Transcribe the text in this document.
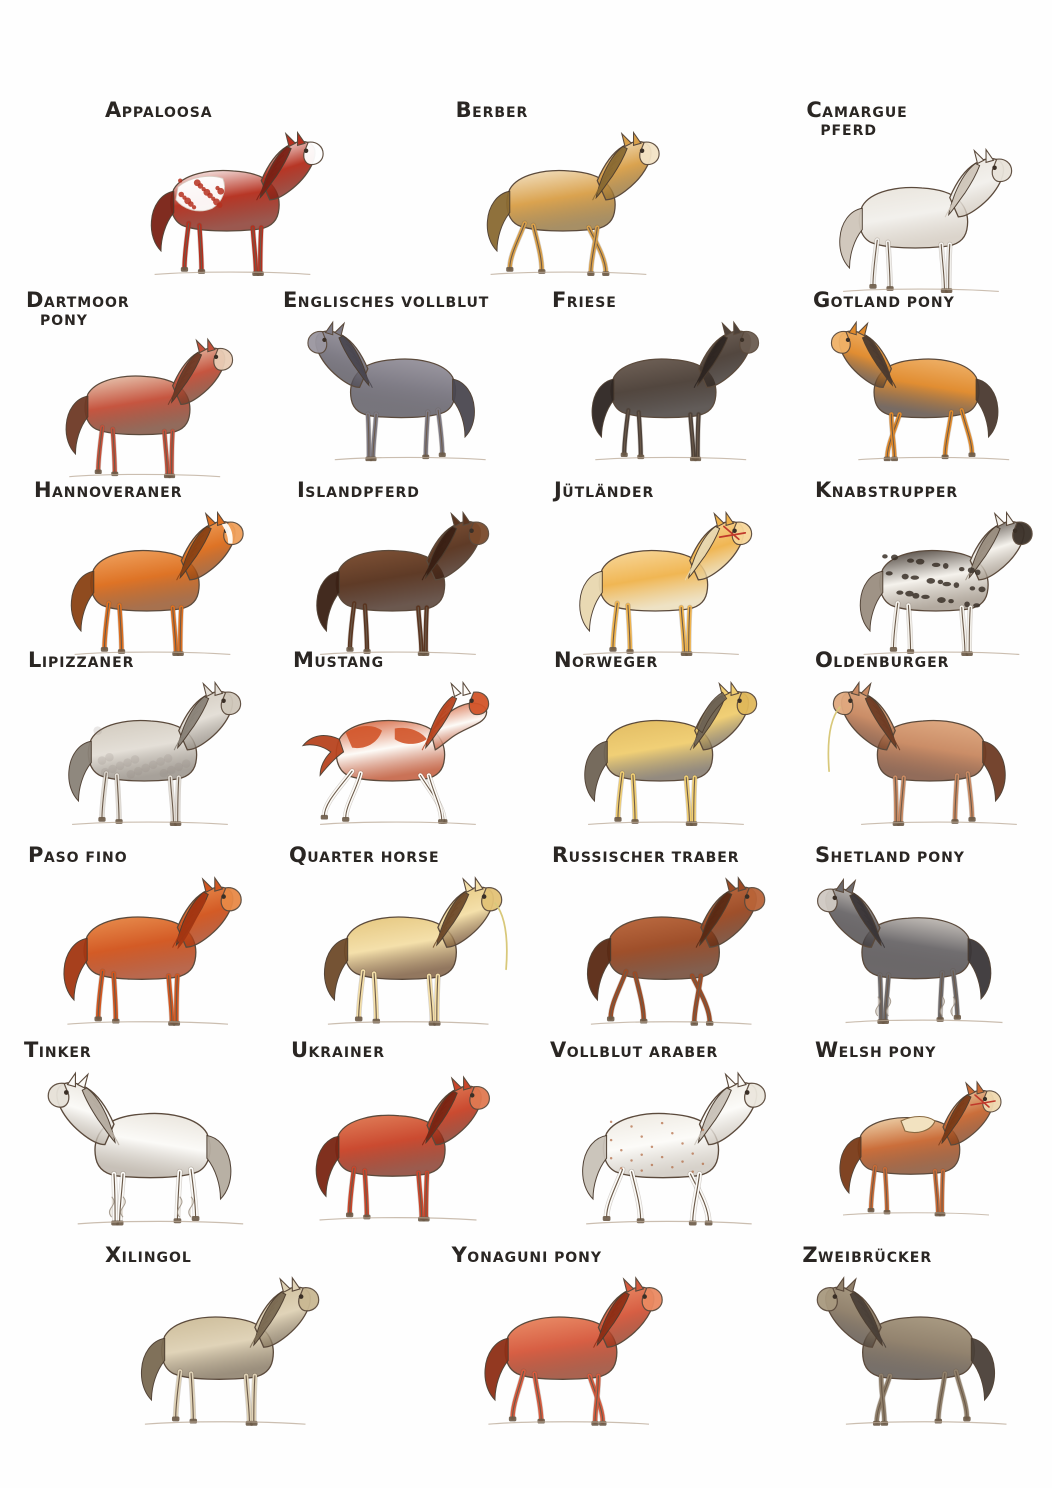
APPALOOSA	BERBER	CAMARGUE
PFERD
DARTMOOR
PONY
ENGLISCHES VOLLBLUT	FRIESE	GOTLAND PONY
HANNOVERANER	ISLANDPFERD	JÜTLÄNDER	KNABSTRUPPER
LIPIZZANER	MUSTANG	NORWEGER	OLDENBURGER
PASO FINO	QUARTER HORSE	RUSSISCHER TRABER	SHETLAND PONY
TINKER	UKRAINER	VOLLBLUT ARABER	WELSH PONY
XILINGOL	YONAGUNI PONY	ZWEIBRÜCKER
